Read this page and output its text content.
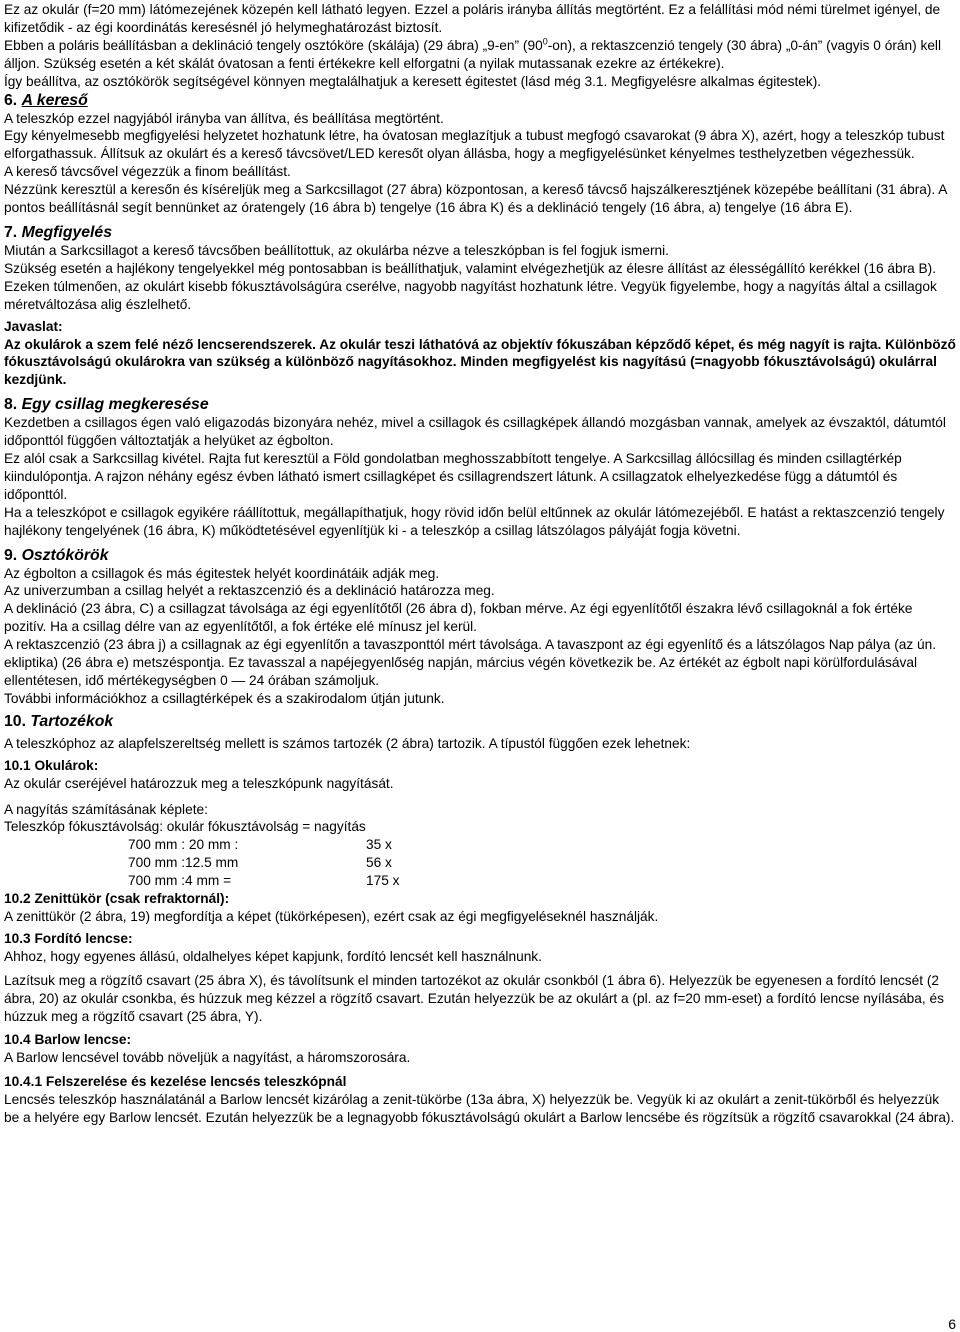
Ez az okulár (f=20 mm) látómezejének közepén kell látható legyen. Ezzel a poláris irányba állítás megtörtént. Ez a felállítási mód némi türelmet igényel, de kifizetődik - az égi koordinátás keresésnél jó helymeghatározást biztosít.

Ebben a poláris beállításban a deklináció tengely osztóköre (skálája) (29 ábra) „9-en” $(90^0-on)$, a rektaszcenzió tengely (30 ábra) „0-án” (vagyis 0 órán) kell álljon. Szükség esetén a két skálát óvatosan a fenti értékekre kell elforgatni (a nyilak mutassanak ezekre az értékekre).

Így beállítva, az osztókörök segítségével könnyen megtalálhatjuk a keresett égitestet (lásd még 3.1. Megfigyelésre alkalmas égitestek).

6. A kereső

A teleszkóp ezzel nagyjából irányba van állítva, és beállítása megtörtént.

Egy kényelmesebb megfigyelési helyzetet hozhatunk létre, ha óvatosan meglazítjuk a tubust megfogó csavarokat (9 ábra X), azért, hogy a teleszkóp tubust elforgathassuk. Állítsuk az okulárt és a kereső távcsövet/LED keresőt olyan állásba, hogy a megfigyelésünket kényelmes testhelyzetben végezhessük.

A kereső távcsővel végezzük a finom beállítást.

Nézzünk keresztül a keresőn és kíséreljük meg a Sarkcsillagot (27 ábra) központosan, a kereső távcső hajszálkeresztjének közepébe beállítani (31 ábra). A pontos beállításnál segít bennünket az óratengely (16 ábra b) tengelye (16 ábra K) és a deklináció tengely (16 ábra, a) tengelye (16 ábra E).

7. Megfigyelés

Miután a Sarkcsillagot a kereső távcsőben beállítottuk, az okulárba nézve a teleszkópban is fel fogjuk ismerni.

Szükség esetén a hajlékony tengelyekkel még pontosabban is beállíthatjuk, valamint elvégezhetjük az élesre állítást az élességállító kerékkel (16 ábra B).

Ezeken túlmenően, az okulárt kisebb fókusztávolságúra cserélve, nagyobb nagyítást hozhatunk létre. Vegyük figyelembe, hogy a nagyítás által a csillagok méretváltozása alig észlelhető.

Javaslat:

Az okulárok a szem felé néző lencserendszerek. Az okulár teszi láthatóvá az objektív fókuszában képződő képet, és még nagyít is rajta. Különböző fókusztávolságú okulárokra van szükség a különböző nagyításokhoz. Minden megfigyelést kis nagyítású (=nagyobb fókusztávolságú) okulárral kezdjünk.

8. Egy csillag megkeresése

Kezdetben a csillagos égen való eligazodás bizonyára nehéz, mivel a csillagok és csillagképek állandó mozgásban vannak, amelyek az évszaktól, dátumtól időponttól függően változtatják a helyüket az égbolton.

Ez alól csak a Sarkcsillag kivétel. Rajta fut keresztül a Föld gondolatban meghosszabbított tengelye. A Sarkcsillag állócsillag és minden csillagtérkép kiindulópontja. A rajzon néhány egész évben látható ismert csillagképet és csillagrendszert látunk. A csillagzatok elhelyezkedése függ a dátumtól és időponttól.

Ha a teleszkópot e csillagok egyikére ráállítottuk, megállapíthatjuk, hogy rövid időn belül eltűnnek az okulár látómezejéből. E hatást a rektaszcenzió tengely hajlékony tengelyének (16 ábra, K) működtetésével egyenlítjük ki - a teleszkóp a csillag látszólagos pályáját fogja követni.

9. Osztókörök

Az égbolton a csillagok és más égitestek helyét koordinátáik adják meg.

Az univerzumban a csillag helyét a rektaszcenzió és a deklináció határozza meg.

A deklináció (23 ábra, C) a csillagzat távolsága az égi egyenlítőtől (26 ábra d), fokban mérve. Az égi egyenlítőtől északra lévő csillagoknál a fok értéke pozitív. Ha a csillag délre van az egyenlítőtől, a fok értéke elé mínusz jel kerül.

A rektaszcenzió (23 ábra j) a csillagnak az égi egyenlítőn a tavaszponttól mért távolsága. A tavaszpont az égi egyenlítő és a látszólagos Nap pálya (az ún. ekliptika) (26 ábra e) metszéspontja. Ez tavasszal a napéjegyenlőség napján, március végén következik be. Az értékét az égbolt napi körülfordulásával ellentétesen, idő mértékegységben 0 — 24 órában számoljuk.

További információkhoz a csillagtérképek és a szakirodalom útján jutunk.

10. Tartozékok

A teleszkóphoz az alapfelszereltség mellett is számos tartozék (2 ábra) tartozik. A típustól függően ezek lehetnek:

10.1 Okulárok:

Az okulár cseréjével határozzuk meg a teleszkópunk nagyítását.

A nagyítás számításának képlete:

Teleszkóp fókusztávolság: okulár fókusztávolság = nagyítás

700 mm : 20 mm :	35 x
700 mm :12.5 mm	56 x
700 mm :4 mm =	175 x
10.2 Zenittükör (csak refraktornál):

A zenittükör (2 ábra, 19) megfordítja a képet (tükörképesen), ezért csak az égi megfigyeléseknél használják.

10.3 Fordító lencse:

Ahhoz, hogy egyenes állású, oldalhelyes képet kapjunk, fordító lencsét kell használnunk.

Lazítsuk meg a rögzítő csavart (25 ábra X), és távolítsunk el minden tartozékot az okulár csonkból (1 ábra 6). Helyezzük be egyenesen a fordító lencsét (2 ábra, 20) az okulár csonkba, és húzzuk meg kézzel a rögzítő csavart. Ezután helyezzük be az okulárt a (pl. az f=20 mm-eset) a fordító lencse nyílásába, és húzzuk meg a rögzítő csavart (25 ábra, Y).

10.4 Barlow lencse:

A Barlow lencsével tovább növeljük a nagyítást, a háromszorosára.

10.4.1 Felszerelése és kezelése lencsés teleszkópnál

Lencsés teleszkóp használatánál a Barlow lencsét kizárólag a zenit-tükörbe (13a ábra, X) helyezzük be. Vegyük ki az okulárt a zenit-tükörből és helyezzük be a helyére egy Barlow lencsét. Ezután helyezzük be a legnagyobb fókusztávolságú okulárt a Barlow lencsébe és rögzítsük a rögzítő csavarokkal (24 ábra).

6
